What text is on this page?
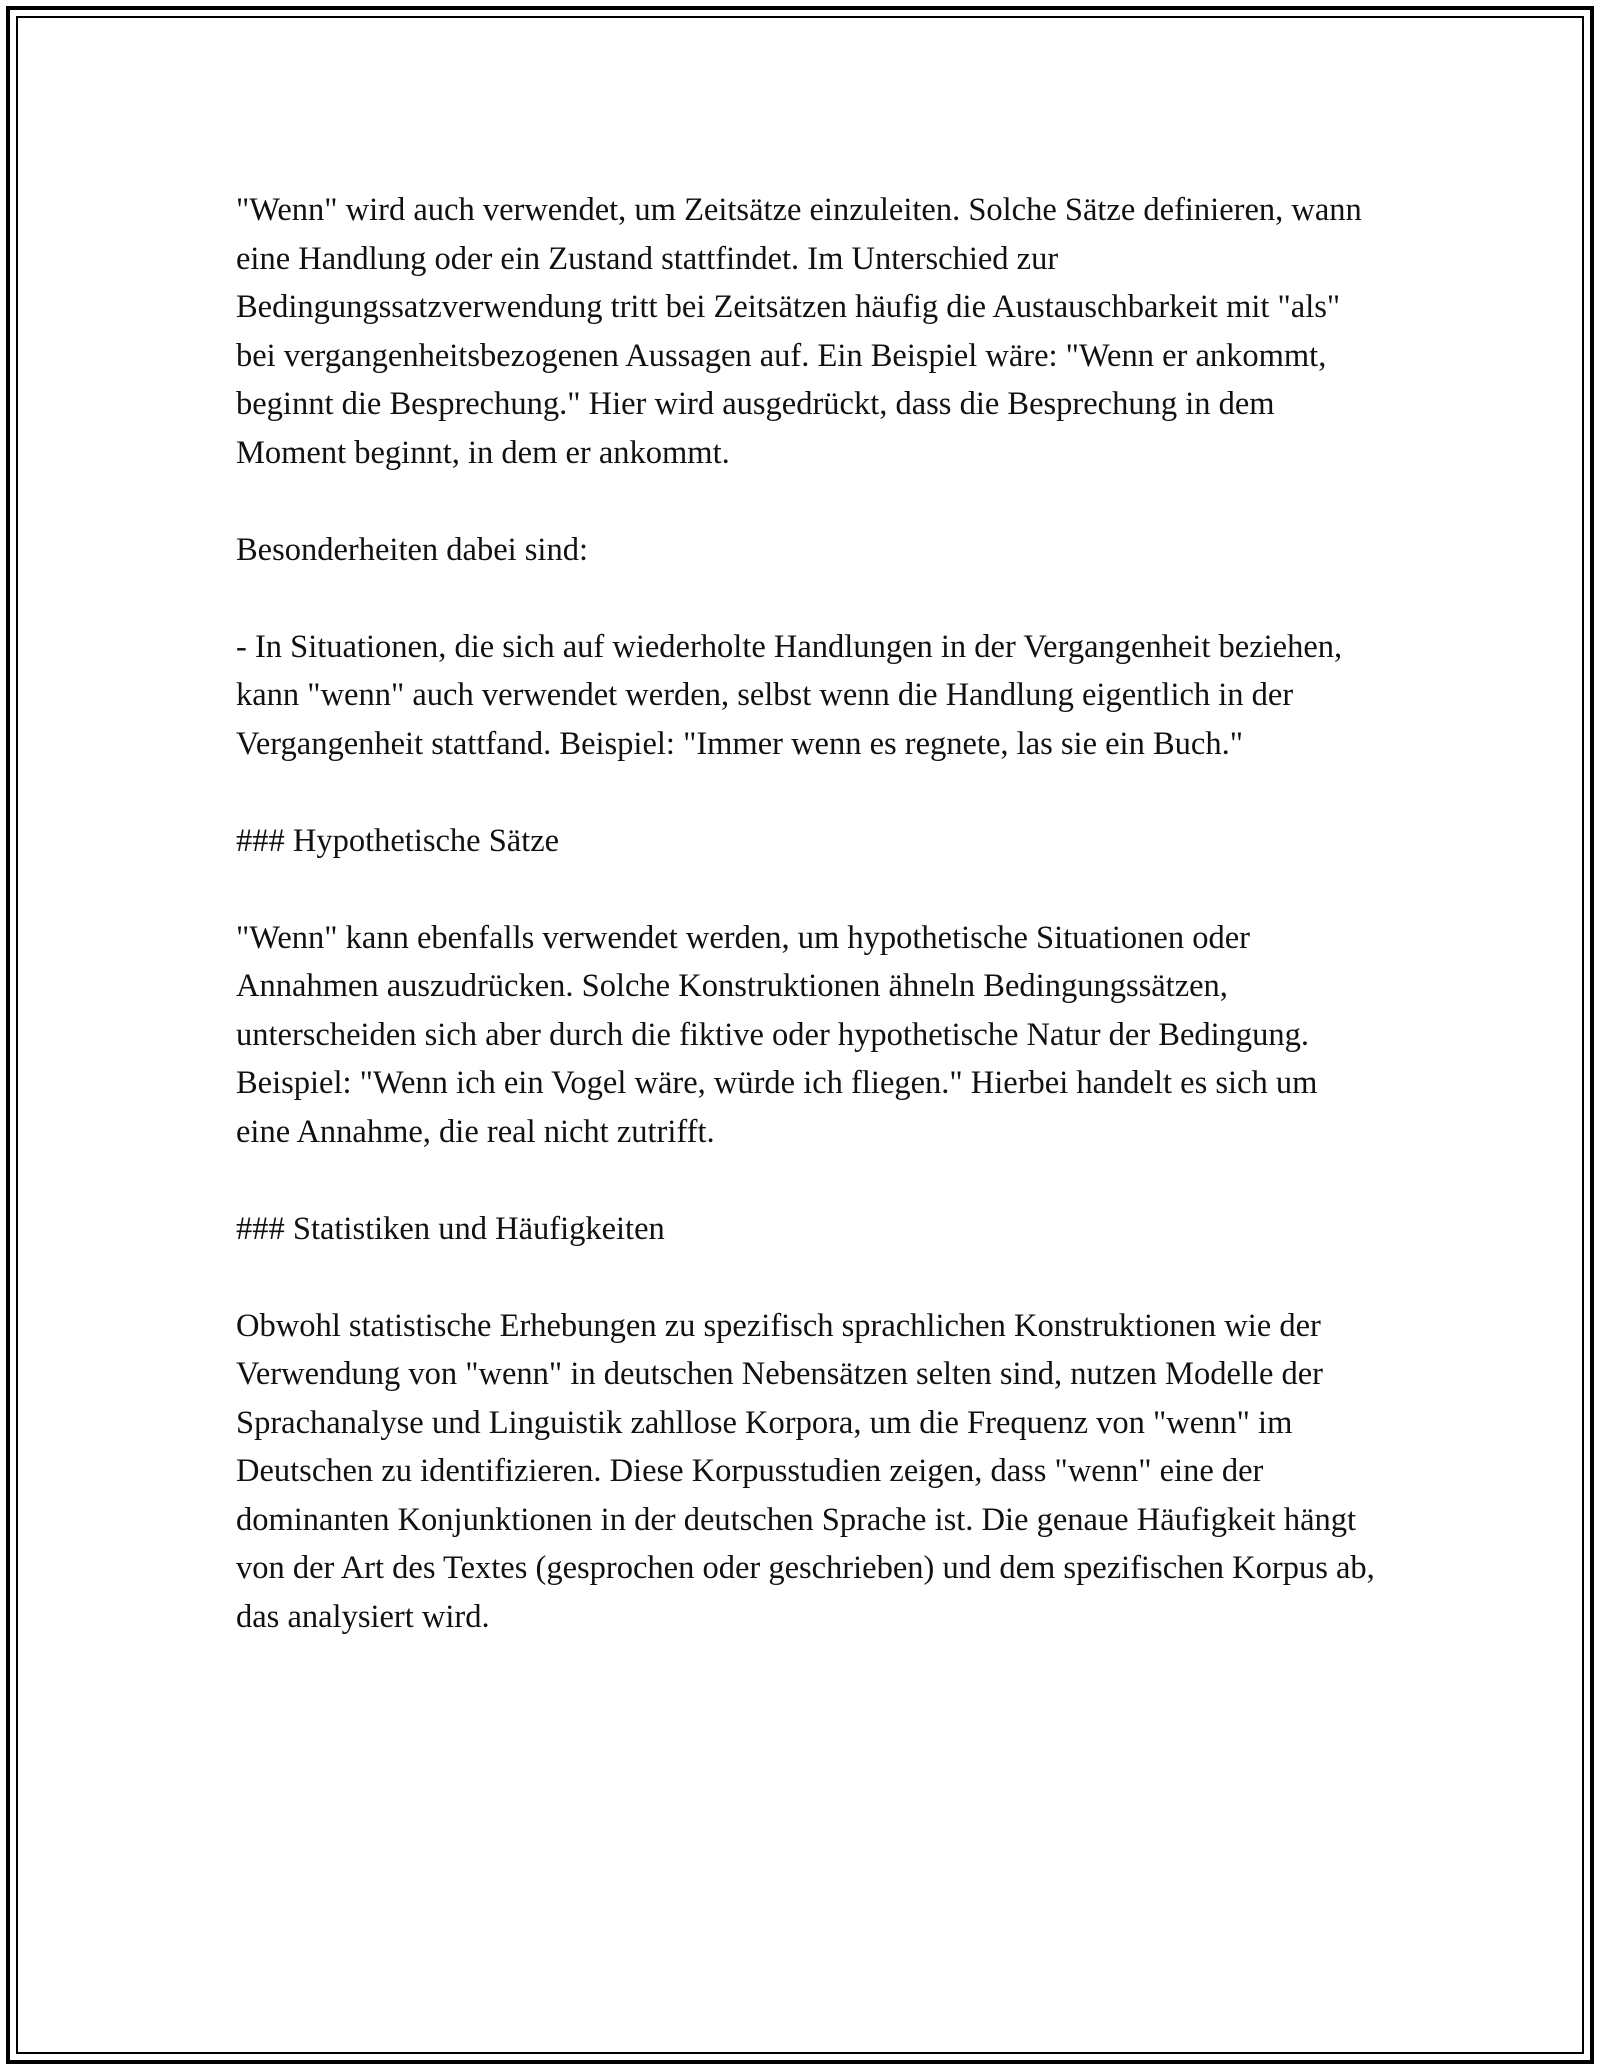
"Wenn" wird auch verwendet, um Zeitsätze einzuleiten. Solche Sätze definieren, wann eine Handlung oder ein Zustand stattfindet. Im Unterschied zur Bedingungssatzverwendung tritt bei Zeitsätzen häufig die Austauschbarkeit mit "als" bei vergangenheitsbezogenen Aussagen auf. Ein Beispiel wäre: "Wenn er ankommt, beginnt die Besprechung." Hier wird ausgedrückt, dass die Besprechung in dem Moment beginnt, in dem er ankommt.

Besonderheiten dabei sind:

- In Situationen, die sich auf wiederholte Handlungen in der Vergangenheit beziehen, kann "wenn" auch verwendet werden, selbst wenn die Handlung eigentlich in der Vergangenheit stattfand. Beispiel: "Immer wenn es regnete, las sie ein Buch."

### Hypothetische Sätze

"Wenn" kann ebenfalls verwendet werden, um hypothetische Situationen oder Annahmen auszudrücken. Solche Konstruktionen ähneln Bedingungssätzen, unterscheiden sich aber durch die fiktive oder hypothetische Natur der Bedingung. Beispiel: "Wenn ich ein Vogel wäre, würde ich fliegen." Hierbei handelt es sich um eine Annahme, die real nicht zutrifft.

### Statistiken und Häufigkeiten

Obwohl statistische Erhebungen zu spezifisch sprachlichen Konstruktionen wie der Verwendung von "wenn" in deutschen Nebensätzen selten sind, nutzen Modelle der Sprachanalyse und Linguistik zahllose Korpora, um die Frequenz von "wenn" im Deutschen zu identifizieren. Diese Korpusstudien zeigen, dass "wenn" eine der dominanten Konjunktionen in der deutschen Sprache ist. Die genaue Häufigkeit hängt von der Art des Textes (gesprochen oder geschrieben) und dem spezifischen Korpus ab, das analysiert wird.
